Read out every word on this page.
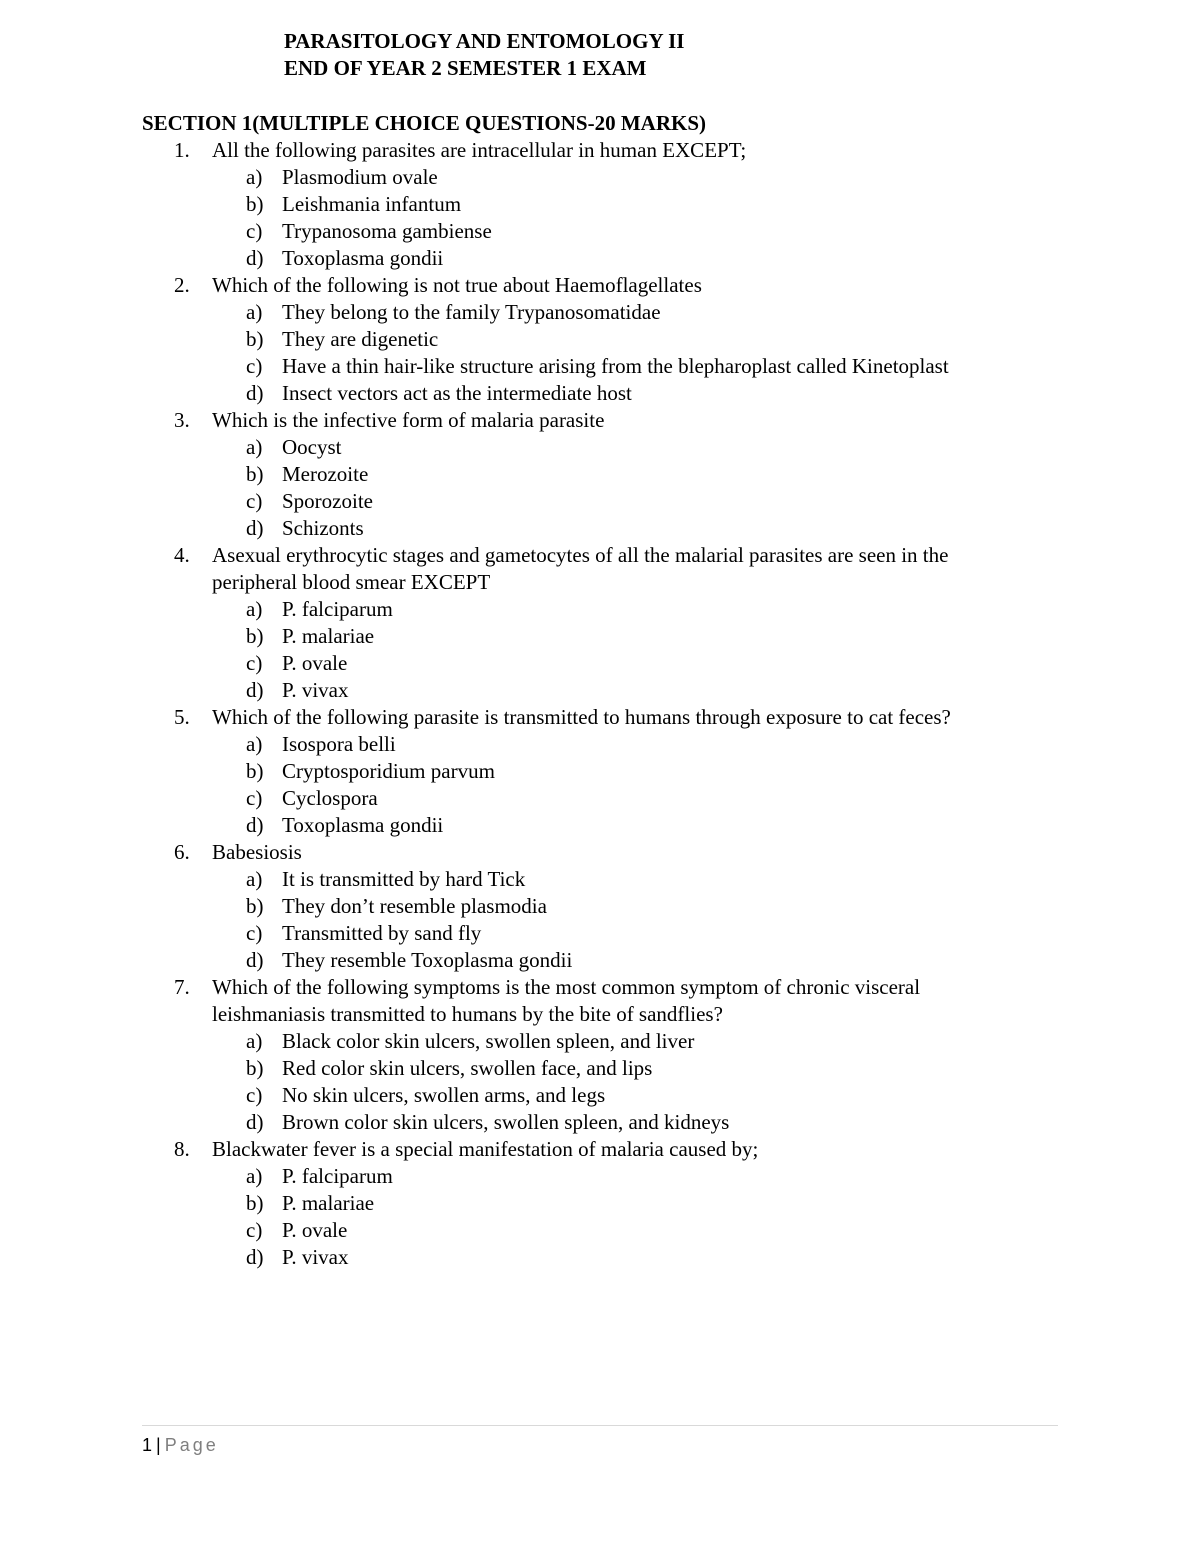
PARASITOLOGY AND ENTOMOLOGY II
END OF YEAR 2 SEMESTER 1 EXAM
SECTION 1(MULTIPLE CHOICE QUESTIONS-20 MARKS)
1. All the following parasites are intracellular in human EXCEPT;
a) Plasmodium ovale
b) Leishmania infantum
c) Trypanosoma gambiense
d) Toxoplasma gondii
2. Which of the following is not true about Haemoflagellates
a) They belong to the family Trypanosomatidae
b) They are digenetic
c) Have a thin hair-like structure arising from the blepharoplast called Kinetoplast
d) Insect vectors act as the intermediate host
3. Which is the infective form of malaria parasite
a) Oocyst
b) Merozoite
c) Sporozoite
d) Schizonts
4. Asexual erythrocytic stages and gametocytes of all the malarial parasites are seen in the
peripheral blood smear EXCEPT
a) P. falciparum
b) P. malariae
c) P. ovale
d) P. vivax
5. Which of the following parasite is transmitted to humans through exposure to cat feces?
a) Isospora belli
b) Cryptosporidium parvum
c) Cyclospora
d) Toxoplasma gondii
6. Babesiosis
a) It is transmitted by hard Tick
b) They don’t resemble plasmodia
c) Transmitted by sand fly
d) They resemble Toxoplasma gondii
7. Which of the following symptoms is the most common symptom of chronic visceral
leishmaniasis transmitted to humans by the bite of sandflies?
a) Black color skin ulcers, swollen spleen, and liver
b) Red color skin ulcers, swollen face, and lips
c) No skin ulcers, swollen arms, and legs
d) Brown color skin ulcers, swollen spleen, and kidneys
8. Blackwater fever is a special manifestation of malaria caused by;
a) P. falciparum
b) P. malariae
c) P. ovale
d) P. vivax
1 | Page
